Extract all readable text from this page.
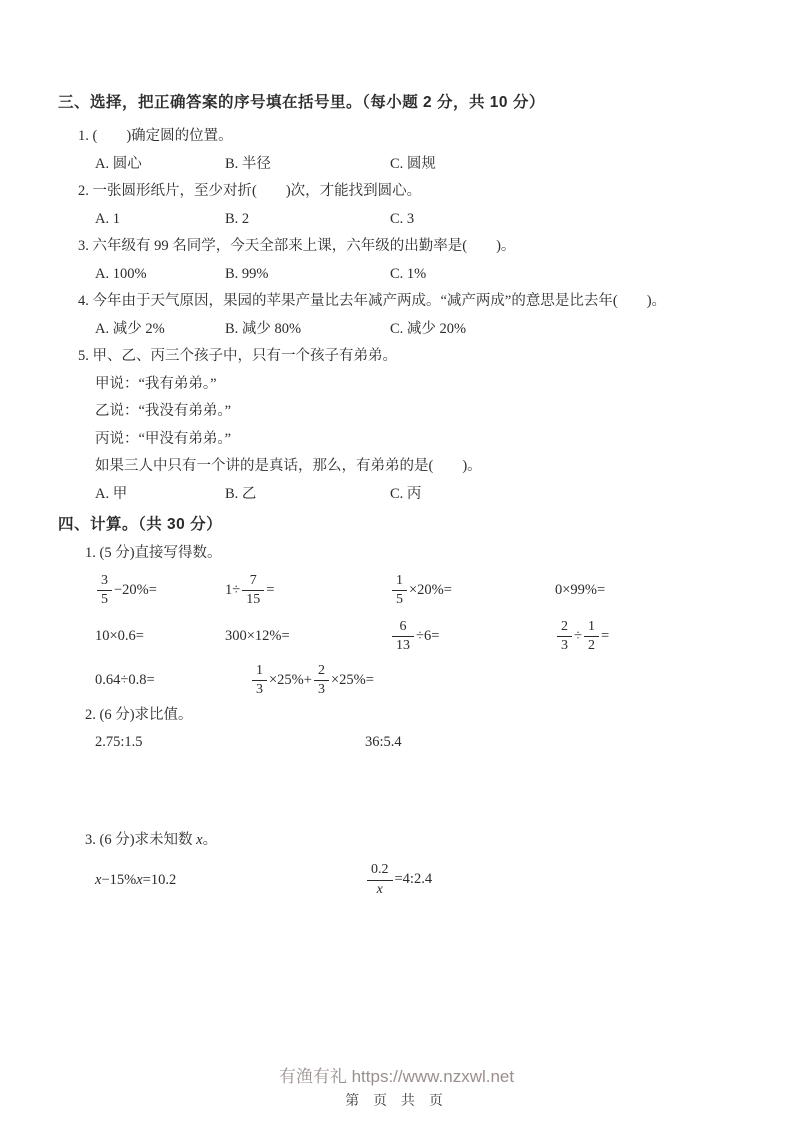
三、选择，把正确答案的序号填在括号里。（每小题 2 分，共 10 分）
1. (　　)确定圆的位置。
A. 圆心	B. 半径	C. 圆规
2. 一张圆形纸片，至少对折(　　)次，才能找到圆心。
A. 1	B. 2	C. 3
3. 六年级有 99 名同学，今天全部来上课，六年级的出勤率是(　　)。
A. 100%	B. 99%	C. 1%
4. 今年由于天气原因，果园的苹果产量比去年减产两成。“减产两成”的意思是比去年(　　)。
A. 减少 2%	B. 减少 80%	C. 减少 20%
5. 甲、乙、丙三个孩子中，只有一个孩子有弟弟。
甲说：“我有弟弟。”
乙说：“我没有弟弟。”
丙说：“甲没有弟弟。”
如果三人中只有一个讲的是真话，那么，有弟弟的是(　　)。
A. 甲	B. 乙	C. 丙
四、计算。（共 30 分）
1. (5 分)直接写得数。
$\frac{3}{5} -20\%=$	$1\div \frac{7}{15}$ =	$\frac{1}{5} \times 20\%=$	0×99%=
10×0.6=	300×12%=	$\frac{6}{13} \div 6=$	$\frac{2}{3} \div \frac{1}{2}$ =
0.64÷0.8=	$\frac{1}{3} \times 25\%+ \frac{2}{3} \times 25\%=$
2. (6 分)求比值。
2.75:1.5	36:5.4
3. (6 分)求未知数 x。
x−15%x=10.2	$\frac{0.2}{x}$ =4:2.4
有渔有礼 https://www.nzxwl.net
第 页 共 页
